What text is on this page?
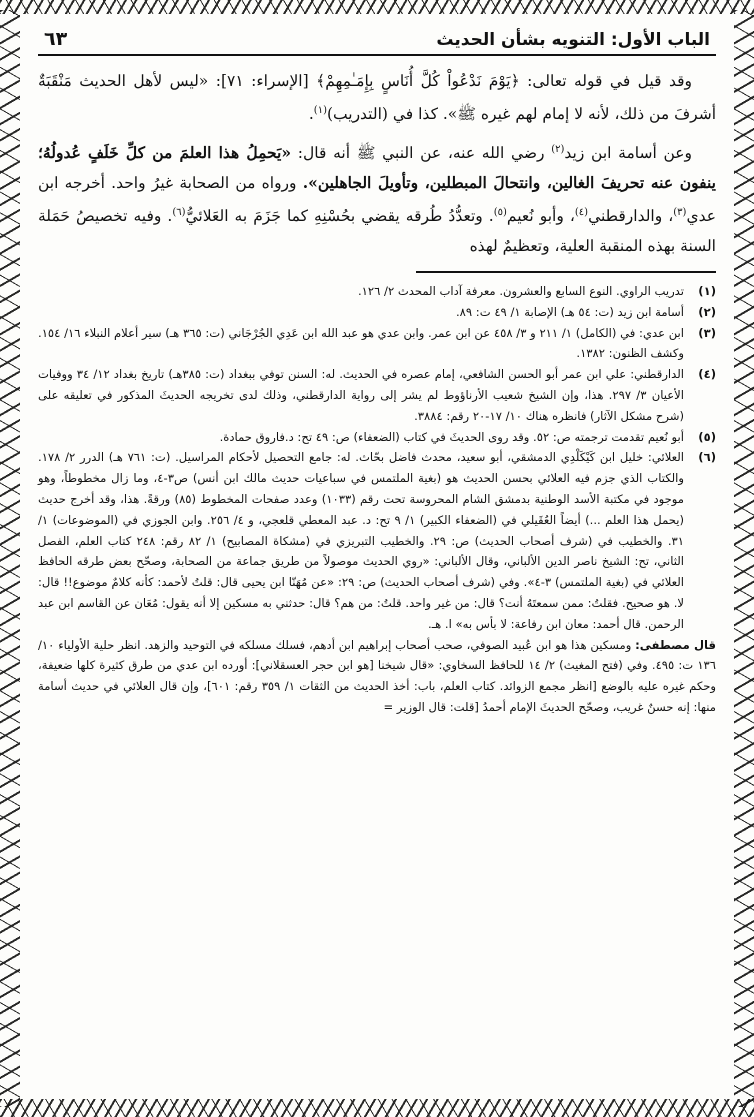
الباب الأول: التنويه بشأن الحديث
٦٣

وقد قيل في قوله تعالى: ﴿يَوْمَ نَدْعُواْ كُلَّ أُنَاسٍ بِإِمَـٰمِهِمْ﴾ [الإسراء: ٧١]: «ليس لأهل الحديث مَنْقَبَةٌ أشرفَ من ذلك، لأنه لا إمام لهم غيره ﷺ». كذا في (التدريب)$^{(١)}$.

وعن أسامة ابن زيد$^{(٢)}$ رضي الله عنه، عن النبي ﷺ أنه قال: «يَحمِلُ هذا العلمَ من كلِّ خَلَفٍ عُدولُهُ؛ ينفون عنه تحريفَ الغالين، وانتحالَ المبطلين، وتأويلَ الجاهلين». ورواه من الصحابة غيرُ واحد. أخرجه ابن عدي$^{(٣)}$، والدارقطني$^{(٤)}$، وأبو نُعيم$^{(٥)}$. وتعدُّدُ طُرقه يقضي بحُسْنِهِ كما جَزَمَ به العَلائيُّ$^{(٦)}$. وفيه تخصيصُ حَمَلة السنة بهذه المنقبة العلية، وتعظيمٌ لهذه

(١)
تدريب الراوي. النوع السابع والعشرون. معرفة آداب المحدث ٢/ ١٢٦.
(٢)
أسامة ابن زيد (ت: ٥٤ هـ) الإصابة ١/ ٤٩ ت: ٨٩.
(٣)
ابن عدي: في (الكامل) ١/ ٢١١ و ٣/ ٤٥٨ عن ابن عمر. وابن عدي هو عبد الله ابن عَدِي الجُرْجَاني (ت: ٣٦٥ هـ) سير أعلام النبلاء ١٦/ ١٥٤. وكشف الظنون: ١٣٨٢.
(٤)
الدارقطني: علي ابن عمر أبو الحسن الشافعي، إمام عصره في الحديث. له: السنن توفي ببغداد (ت: ٣٨٥هـ) تاريخ بغداد ١٢/ ٣٤ ووفيات الأعيان ٣/ ٢٩٧. هذا، وإن الشيخ شعيب الأرناؤوط لم يشر إلى رواية الدارقطني، وذلك لدى تخريجه الحديثَ المذكور في تعليقه على (شرح مشكل الآثار) فانظره هناك ١٠/ ١٧-٢٠ رقم: ٣٨٨٤.
(٥)
أبو نُعيم تقدمت ترجمته ص: ٥٢. وقد روى الحديثَ في كتاب (الضعفاء) ص: ٤٩ تح: د.فاروق حمادة.
(٦)
العلائي: خليل ابن كَيْكَلْدِي الدمشقي، أبو سعيد، محدث فاضل بحّاث. له: جامع التحصيل لأحكام المراسيل. (ت: ٧٦١ هـ) الدرر ٢/ ١٧٨. والكتاب الذي جزم فيه العلائي بحسن الحديث هو (بغية الملتمس في سباعيات حديث مالك ابن أنس) ص٣-٤، وما زال مخطوطاً، وهو موجود في مكتبة الأسد الوطنية بدمشق الشام المحروسة تحت رقم (١٠٣٣) وعدد صفحات المخطوط (٨٥) ورقةً. هذا، وقد أخرج حديث (يحمل هذا العلم ...) أيضاً العُقَيلي في (الضعفاء الكبير) ١/ ٩ تح: د. عبد المعطي قلعجي، و ٤/ ٢٥٦. وابن الجوزي في (الموضوعات) ١/ ٣١. والخطيب في (شرف أصحاب الحديث) ص: ٢٩. والخطيب التبريزي في (مشكاة المصابيح) ١/ ٨٢ رقم: ٢٤٨ كتاب العلم، الفصل الثاني، تح: الشيخ ناصر الدين الألباني، وقال الألباني: «روي الحديث موصولاً من طريق جماعة من الصحابة، وصحّح بعض طرقه الحافظ العلائي في (بغية الملتمس) ٣-٤». وفي (شرف أصحاب الحديث) ص: ٢٩: «عن مُهَنّا ابن يحيى قال: قلتُ لأحمد: كأنه كلامٌ موضوع!! قال: لا. هو صحيح. فقلتُ: ممن سمعتَهُ أنت؟ قال: من غير واحد. قلتُ: من هم؟ قال: حدثني به مسكين إلا أنه يقول: مُعَان عن القاسم ابن عبد الرحمن. قال أحمد: معان ابن رفاعة: لا بأس به» ا. هـ.

قال مصطفى: ومسكين هذا هو ابن عُبيد الصوفي، صحب أصحاب إبراهيم ابن أدهم، فسلك مسلكه في التوحيد والزهد. انظر حلية الأولياء ١٠/ ١٣٦ ت: ٤٩٥. وفي (فتح المغيث) ٢/ ١٤ للحافظ السخاوي: «قال شيخنا [هو ابن حجر العسقلاني]: أورده ابن عدي من طرق كثيرة كلها ضعيفة، وحكم غيره عليه بالوضع [انظر مجمع الزوائد. كتاب العلم، باب: أخذ الحديث من الثقات ١/ ٣٥٩ رقم: ٦٠١]، وإن قال العلائي في حديث أسامة منها: إنه حسنٌ غريب، وصحّح الحديثَ الإمام أحمدُ [قلت: قال الوزير =
